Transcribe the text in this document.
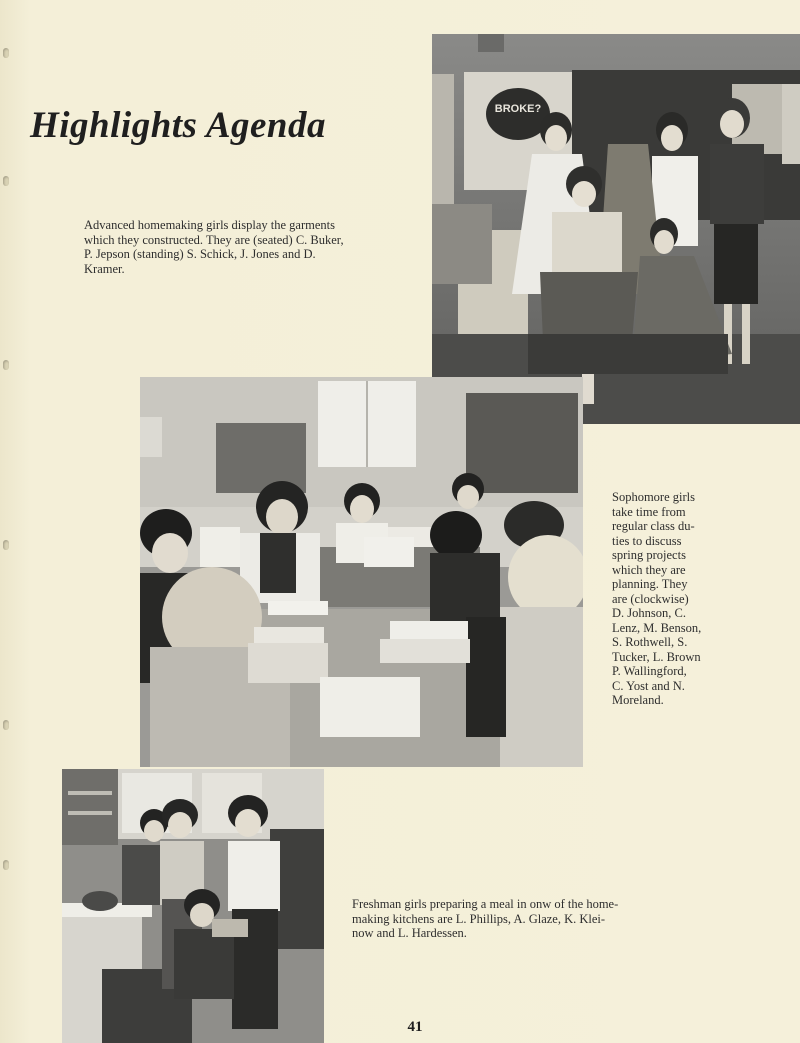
Highlights Agenda	BROKE?

Advanced homemaking girls display the garments
which they constructed. They are (seated) C. Buker,
P. Jepson (standing) S. Schick, J. Jones and D.
Kramer.

Sophomore girls
take time from
regular class du-
ties to discuss
spring projects
which they are
planning. They
are (clockwise)
D. Johnson, C.
Lenz, M. Benson,
S. Rothwell, S.
Tucker, L. Brown
P. Wallingford,
C. Yost and N.
Moreland.

Freshman girls preparing a meal in onw of the home-
making kitchens are L. Phillips, A. Glaze, K. Klei-
now and L. Hardessen.

41
